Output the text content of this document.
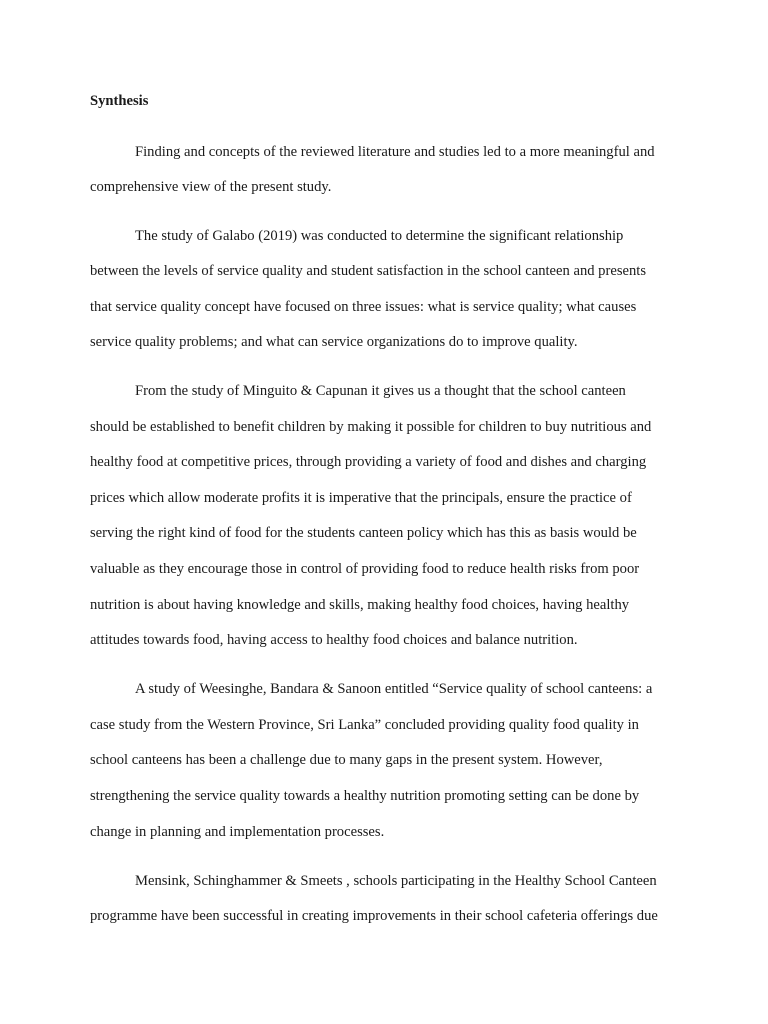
Synthesis
Finding and concepts of the reviewed literature and studies led to a more meaningful and
comprehensive view of the present study.
The study of Galabo (2019) was conducted to determine the significant relationship
between the levels of service quality and student satisfaction in the school canteen and presents
that service quality concept have focused on three issues: what is service quality; what causes
service quality problems; and what can service organizations do to improve quality.
From the study of Minguito & Capunan it gives us a thought that the school canteen
should be established to benefit children by making it possible for children to buy nutritious and
healthy food at competitive prices, through providing a variety of food and dishes and charging
prices which allow moderate profits it is imperative that the principals, ensure the practice of
serving the right kind of food for the students canteen policy which has this as basis would be
valuable as they encourage those in control of providing food to reduce health risks from poor
nutrition is about having knowledge and skills, making healthy food choices, having healthy
attitudes towards food, having access to healthy food choices and balance nutrition.
A study of Weesinghe, Bandara & Sanoon entitled “Service quality of school canteens: a
case study from the Western Province, Sri Lanka” concluded providing quality food quality in
school canteens has been a challenge due to many gaps in the present system. However,
strengthening the service quality towards a healthy nutrition promoting setting can be done by
change in planning and implementation processes.
Mensink, Schinghammer & Smeets , schools participating in the Healthy School Canteen
programme have been successful in creating improvements in their school cafeteria offerings due
